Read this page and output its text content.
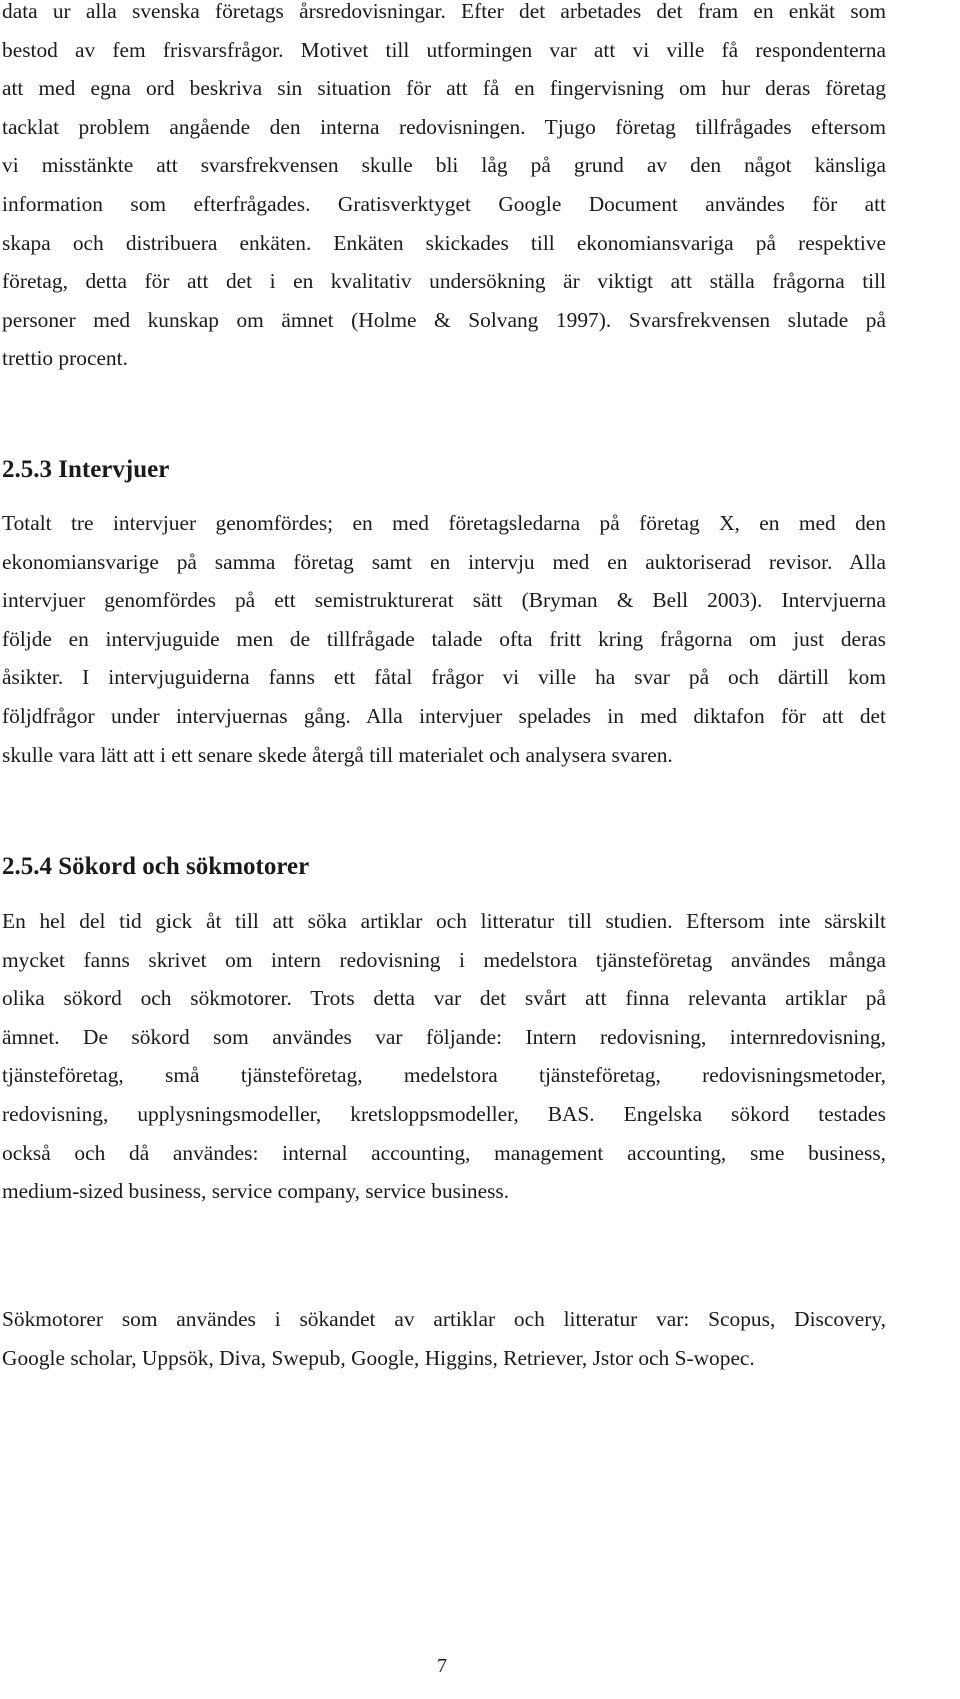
data ur alla svenska företags årsredovisningar. Efter det arbetades det fram en enkät som
bestod av fem frisvarsfrågor. Motivet till utformingen var att vi ville få respondenterna
att med egna ord beskriva sin situation för att få en fingervisning om hur deras företag
tacklat problem angående den interna redovisningen. Tjugo företag tillfrågades eftersom
vi misstänkte att svarsfrekvensen skulle bli låg på grund av den något känsliga
information som efterfrågades. Gratisverktyget Google Document användes för att
skapa och distribuera enkäten. Enkäten skickades till ekonomiansvariga på respektive
företag, detta för att det i en kvalitativ undersökning är viktigt att ställa frågorna till
personer med kunskap om ämnet (Holme & Solvang 1997). Svarsfrekvensen slutade på
trettio procent.
2.5.3 Intervjuer
Totalt tre intervjuer genomfördes; en med företagsledarna på företag X, en med den
ekonomiansvarige på samma företag samt en intervju med en auktoriserad revisor. Alla
intervjuer genomfördes på ett semistrukturerat sätt (Bryman & Bell 2003). Intervjuerna
följde en intervjuguide men de tillfrågade talade ofta fritt kring frågorna om just deras
åsikter. I intervjuguiderna fanns ett fåtal frågor vi ville ha svar på och därtill kom
följdfrågor under intervjuernas gång. Alla intervjuer spelades in med diktafon för att det
skulle vara lätt att i ett senare skede återgå till materialet och analysera svaren.
2.5.4 Sökord och sökmotorer
En hel del tid gick åt till att söka artiklar och litteratur till studien. Eftersom inte särskilt
mycket fanns skrivet om intern redovisning i medelstora tjänsteföretag användes många
olika sökord och sökmotorer. Trots detta var det svårt att finna relevanta artiklar på
ämnet. De sökord som användes var följande: Intern redovisning, internredovisning,
tjänsteföretag, små tjänsteföretag, medelstora tjänsteföretag, redovisningsmetoder,
redovisning, upplysningsmodeller, kretsloppsmodeller, BAS. Engelska sökord testades
också och då användes: internal accounting, management accounting, sme business,
medium-sized business, service company, service business.
Sökmotorer som användes i sökandet av artiklar och litteratur var: Scopus, Discovery,
Google scholar, Uppsök, Diva, Swepub, Google, Higgins, Retriever, Jstor och S-wopec.

7
